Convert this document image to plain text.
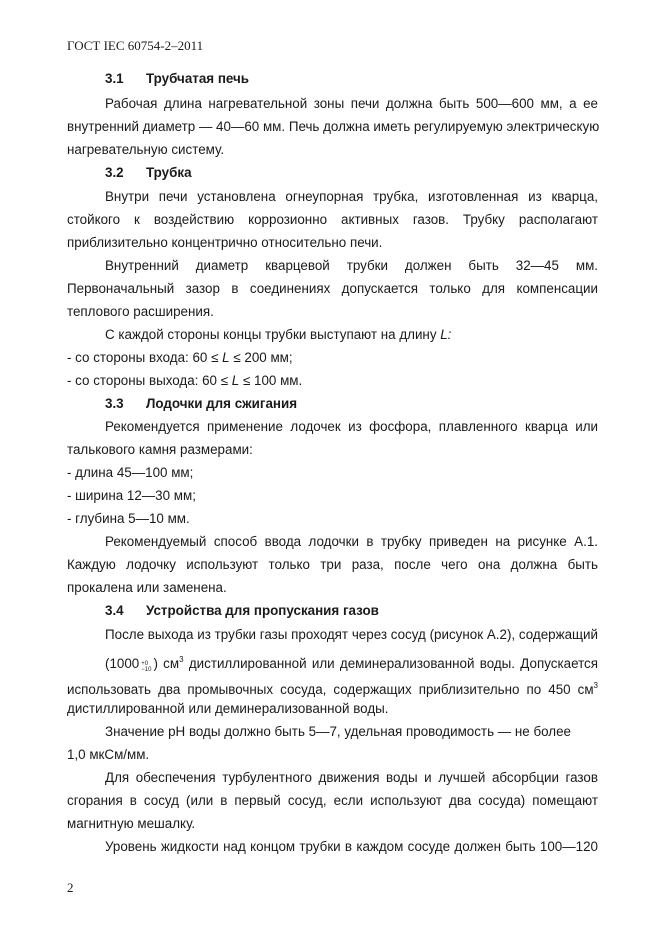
ГОСТ IEC 60754-2–2011
3.1 Трубчатая печь
Рабочая длина нагревательной зоны печи должна быть 500—600 мм, а ее
внутренний диаметр — 40—60 мм. Печь должна иметь регулируемую электрическую
нагревательную систему.
3.2 Трубка
Внутри печи установлена огнеупорная трубка, изготовленная из кварца,
стойкого к воздействию коррозионно активных газов. Трубку располагают
приблизительно концентрично относительно печи.
Внутренний диаметр кварцевой трубки должен быть 32—45 мм.
Первоначальный зазор в соединениях допускается только для компенсации
теплового расширения.
С каждой стороны концы трубки выступают на длину L:
- со стороны входа: 60 ≤ L ≤ 200 мм;
- со стороны выхода: 60 ≤ L ≤ 100 мм.
3.3 Лодочки для сжигания
Рекомендуется применение лодочек из фосфора, плавленного кварца или
талькового камня размерами:
- длина 45—100 мм;
- ширина 12—30 мм;
- глубина 5—10 мм.
Рекомендуемый способ ввода лодочки в трубку приведен на рисунке А.1.
Каждую лодочку используют только три раза, после чего она должна быть
прокалена или заменена.
3.4 Устройства для пропускания газов
После выхода из трубки газы проходят через сосуд (рисунок А.2), содержащий
(1000 +0
−10 ) $см^3$ дистиллированной или деминерализованной воды. Допускается
использовать два промывочных сосуда, содержащих приблизительно по 450 $см^3$
дистиллированной или деминерализованной воды.
Значение pH воды должно быть 5—7, удельная проводимость — не более
1,0 мкСм/мм.
Для обеспечения турбулентного движения воды и лучшей абсорбции газов
сгорания в сосуд (или в первый сосуд, если используют два сосуда) помещают
магнитную мешалку.
Уровень жидкости над концом трубки в каждом сосуде должен быть 100—120
2
